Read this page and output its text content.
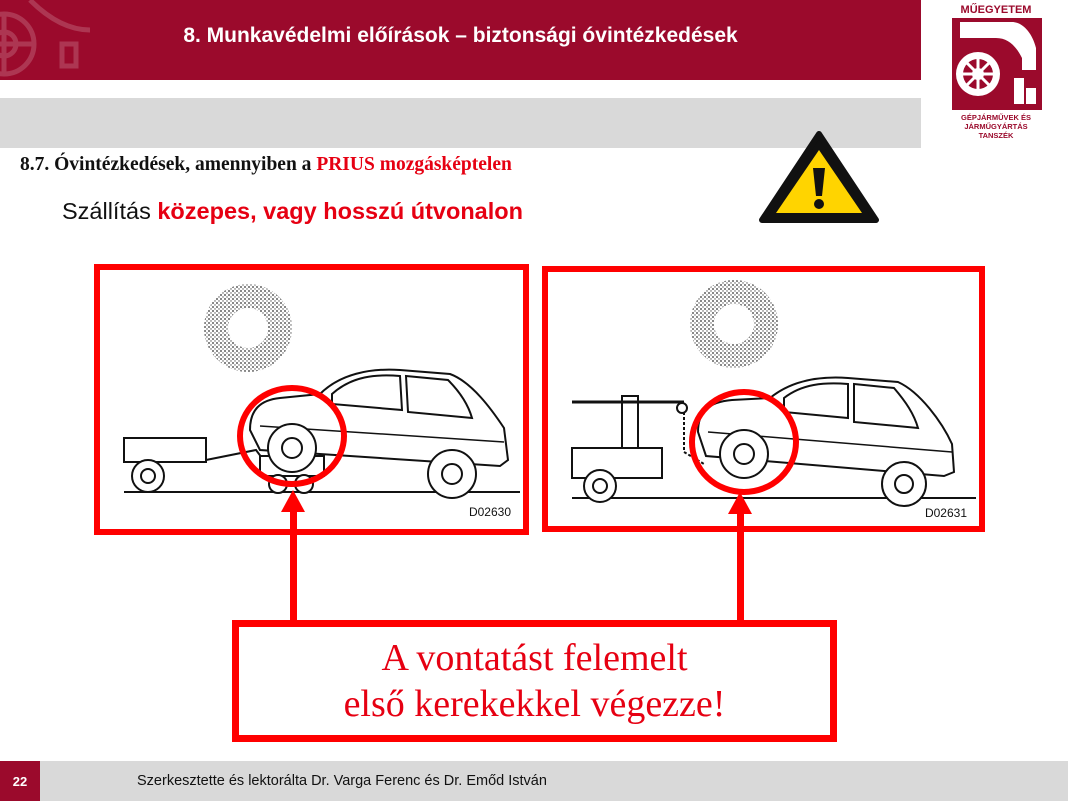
8. Munkavédelmi előírások – biztonsági óvintézkedések
MŰEGYETEM
GÉPJÁRMŰVEK ÉS
JÁRMŰGYÁRTÁS
TANSZÉK
8.7. Óvintézkedések, amennyiben a PRIUS mozgásképtelen
Szállítás közepes, vagy hosszú útvonalon
D02630	D02631
A vontatást felemelt
első kerekekkel végezze!
22	Szerkesztette és lektorálta Dr. Varga Ferenc és Dr. Emőd István
